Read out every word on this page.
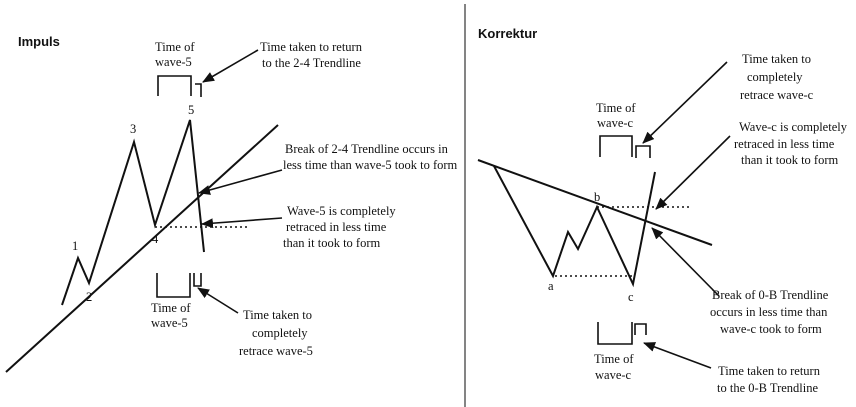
Impuls
1
2
3
4
5
Time of
wave-5
Time of
wave-5
Time taken to return
to the 2-4 Trendline
Break of 2-4 Trendline occurs in
less time than wave-5 took to form
Wave-5 is completely
retraced in less time
than it took to form
Time taken to
completely
retrace wave-5
Korrektur
a
b
c
Time of
wave-c
Time of
wave-c
Time taken to
completely
retrace wave-c
Wave-c is completely
retraced in less time
than it took to form
Break of 0-B Trendline
occurs in less time than
wave-c took to form
Time taken to return
to the 0-B Trendline
